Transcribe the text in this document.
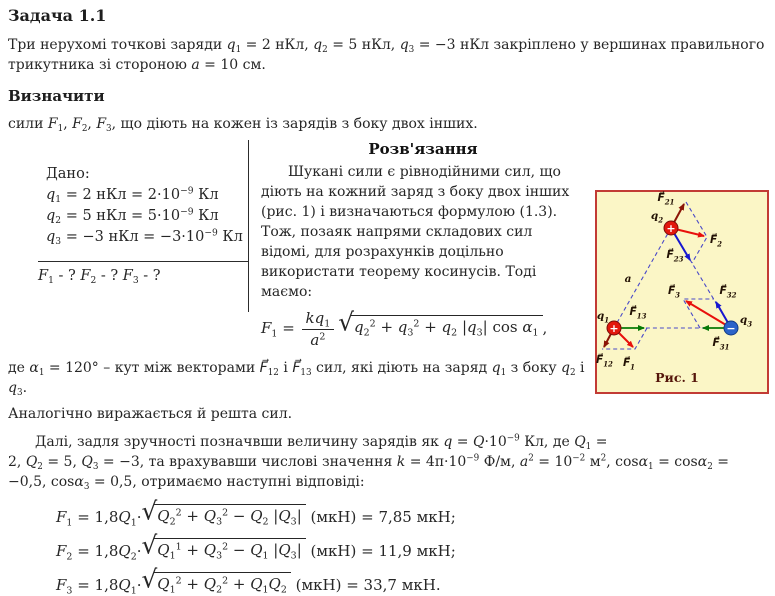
Задача 1.1

Три нерухомі точкові заряди $q_1 = 2$ нКл, $q_2 = 5$ нКл, $q_3 = -3$ нКл закріплено у вершинах правильного трикутника зі стороною a = 10 см.

Визначити

сили $F_1$, $F_2$, $F_3$, що діють на кожен із зарядів з боку двох інших.

Дано:
$q_1 = 2$ нКл = $2\cdot 10^{-9}$ Кл
$q_2 = 5$ нКл = $5\cdot 10^{-9}$ Кл
$q_3 = -3$ нКл = $-3\cdot 10^{-9}$ Кл
$F_1$ - ? $F_2$ - ? $F_3$ - ?
+
+	−
$F⃗_{21}$
$q_2$
$F⃗_2$
$F⃗_{23}$
a
$F⃗_{13}$
$q_1$
$F⃗_{12}$ $F⃗_1$
$F⃗_3$	$F⃗_{32}$
$F⃗_{31}$
$q_3$
Рис. 1
Розв'язання

Шукані сили є рівнодійними сил, що діють на кожний заряд з боку двох інших (рис. 1) і визначаються формулою (1.3). Тож, позаяк напрями складових сил відомі, для розрахунків доцільно використати теорему косинусів. Тоді маємо:

$F_1 = \frac{kq_1}{a^2}$ √ $q_2^2 + q_3^2 + q_2$ $|q_3|$ $\cos \alpha_1$ ,

де $\alpha_1 = 120^\circ$ – кут між векторами $F⃗_{12}$ і $F⃗_{13}$ сил, які діють на заряд $q_1$ з боку $q_2$ і $q_3$.

Аналогічно виражається й решта сил.

Далі, задля зручності позначвши величину зарядів як $q = Q\cdot 10^{-9}$ Кл, де $Q_1$ =

2, $Q_2 = 5$, $Q_3 = -3$, та врахувавши числові значення $k = 4\pi\cdot 10^{-9}$ Ф/м, $a^2 = 10^{-2}$ $м^2$, cosα$_1$ = cosα$_2$ = −0,5, cosα$_3$ = 0,5, отримаємо наступні відповіді:

$F_1 = 1,8Q_1\cdot$ √ $Q_2^2 + Q_3^2 - Q_2$ $|Q_3|$ (мкН) = 7,85 мкН;

$F_2 = 1,8Q_2\cdot$ √ $Q_1^1 + Q_3^2 - Q_1$ $|Q_3|$ (мкН) = 11,9 мкН;

$F_3 = 1,8Q_1\cdot$ √ $Q_1^2 + Q_2^2 + Q_1Q_2$ (мкН) = 33,7 мкН.
